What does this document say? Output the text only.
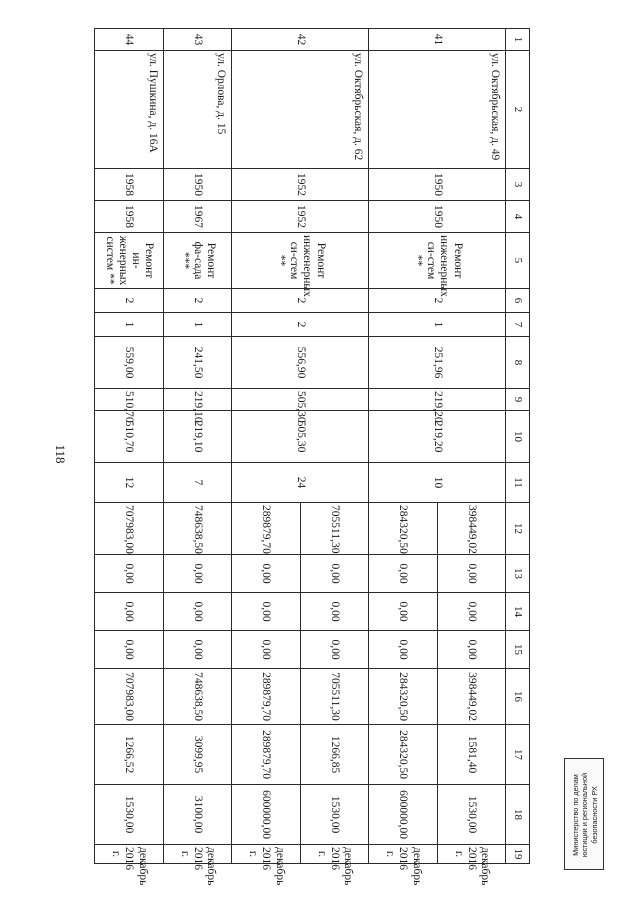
118
1	2	3	4	5	6	7	8	9	10	11	12	13	14	15	16	17	18	19
41	ул. Октябрьская, д. 49	1950	1950	Ремонт инженерных си-стем **	2	1	251,96	219,20	219,20	10	398449,02	0,00	0,00	0,00	398449,02	1581,40	1530,00	декабрь 2016 г.
											284320,50	0,00	0,00	0,00	284320,50	284320,50	600000,00	декабрь 2016 г.
42	ул. Октябрьская, д. 62	1952	1952	Ремонт инженерных си-стем **	2	2	556,90	505,30	505,30	24	705511,30	0,00	0,00	0,00	705511,30	1266,85	1530,00	декабрь 2016 г.
											289879,70	0,00	0,00	0,00	289879,70	289879,70	600000,00	декабрь 2016 г.
43	ул. Орлова, д. 15	1950	1967	Ремонт фа-сада ***	2	1	241,50	219,10	219,10	7	748638,50	0,00	0,00	0,00	748638,50	3099,95	3100,00	декабрь 2016 г.
44	ул. Пушкина, д. 16А	1958	1958	Ремонт ин-женерных систем **	2	1	559,00	510,70	510,70	12	707983,00	0,00	0,00	0,00	707983,00	1266,52	1530,00	декабрь 2016 г.	Министерство по делам юстиции и региональной безопасности РХ
